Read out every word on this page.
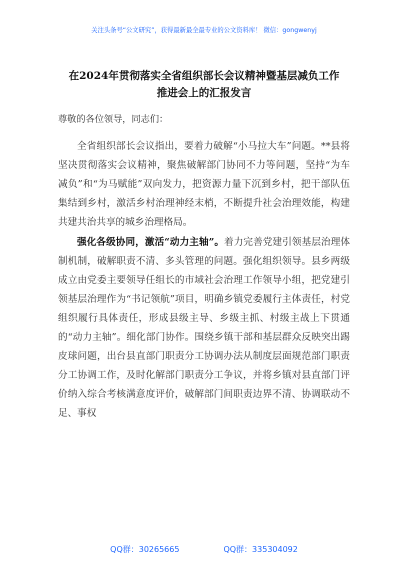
关注头条号“公文研究”，获得最新最全最专业的公文资料库！ 微信：gongwenyj
在2024年贯彻落实全省组织部长会议精神暨基层减负工作
推进会上的汇报发言
尊敬的各位领导，同志们：

全省组织部长会议指出，要着力破解“小马拉大车”问题。**县将坚决贯彻落实会议精神，聚焦破解部门协同不力等问题，坚持“为车减负”和“为马赋能”双向发力，把资源力量下沉到乡村，把干部队伍集结到乡村，激活乡村治理神经末梢，不断提升社会治理效能，构建共建共治共享的城乡治理格局。

强化各级协同，激活“动力主轴”。着力完善党建引领基层治理体制机制，破解职责不清、多头管理的问题。强化组织领导。县乡两级成立由党委主要领导任组长的市域社会治理工作领导小组，把党建引领基层治理作为“书记领航”项目，明确乡镇党委履行主体责任，村党组织履行具体责任，形成县级主导、乡级主抓、村级主战上下贯通的“动力主轴”。细化部门协作。围绕乡镇干部和基层群众反映突出踢皮球问题，出台县直部门职责分工协调办法从制度层面规范部门职责分工协调工作，及时化解部门职责分工争议，并将乡镇对县直部门评价纳入综合考核满意度评价，破解部门间职责边界不清、协调联动不足、事权

QQ群：30265665	QQ群：335304092
